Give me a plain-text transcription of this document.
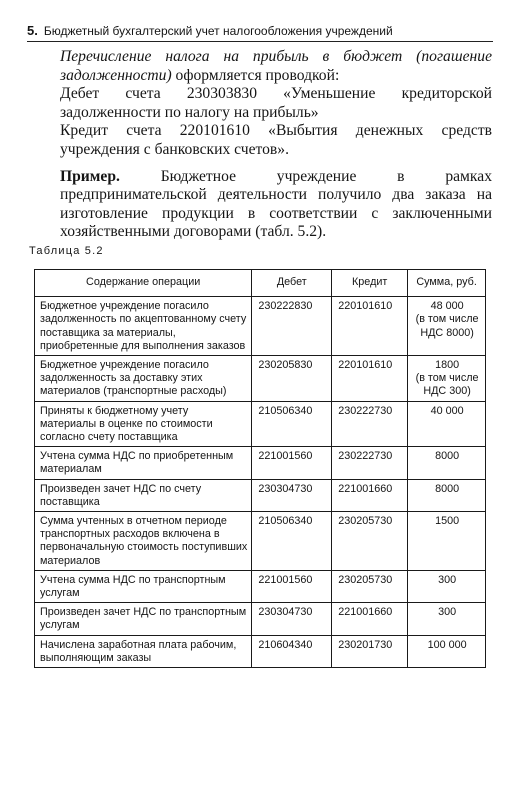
5. Бюджетный бухгалтерский учет налогообложения учреждений

Перечисление налога на прибыль в бюджет (погашение задолженности) оформляется проводкой:

Дебет счета 230303830 «Уменьшение кредиторской задолженности по налогу на прибыль»

Кредит счета 220101610 «Выбытия денежных средств учреждения с банковских счетов».

Пример. Бюджетное учреждение в рамках предпринимательской деятельности получило два заказа на изготовление продукции в соответствии с заключенными хозяйственными договорами (табл. 5.2).

Таблица 5.2
Содержание операции	Дебет	Кредит	Сумма, руб.
Бюджетное учреждение погасило задолженность по акцептованному счету поставщика за материалы, приобретенные для выполнения заказов	230222830	220101610	48 000
(в том числе НДС 8000)

Бюджетное учреждение погасило задолженность за доставку этих материалов (транспортные расходы)	230205830	220101610	1800
(в том числе НДС 300)

Приняты к бюджетному учету материалы в оценке по стоимости согласно счету поставщика	210506340	230222730	40 000
Учтена сумма НДС по приобретенным материалам	221001560	230222730	8000
Произведен зачет НДС по счету поставщика	230304730	221001660	8000
Сумма учтенных в отчетном периоде транспортных расходов включена в первоначальную стоимость поступивших материалов	210506340	230205730	1500
Учтена сумма НДС по транспортным услугам	221001560	230205730	300
Произведен зачет НДС по транспортным услугам	230304730	221001660	300
Начислена заработная плата рабочим, выполняющим заказы	210604340	230201730	100 000
